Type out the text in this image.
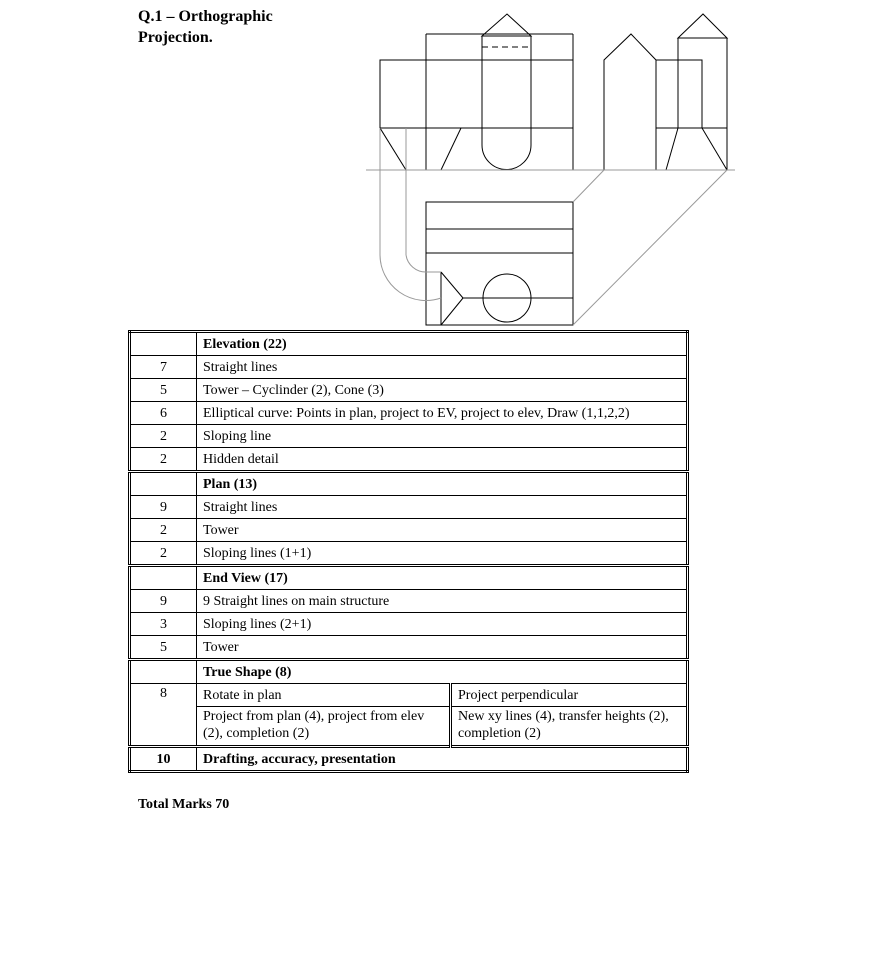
Q.1 – Orthographic
Projection.
	Elevation (22)	
7	Straight lines	
5	Tower – Cyclinder (2), Cone (3)	
6	Elliptical curve: Points in plan, project to EV, project to elev, Draw (1,1,2,2)	
2	Sloping line	
2	Hidden detail	
	Plan (13)	
9	Straight lines	
2	Tower	
2	Sloping lines (1+1)	
	End View (17)	
9	9 Straight lines on main structure	
3	Sloping lines (2+1)	
5	Tower	
	True Shape (8)	
8	Rotate in plan	Project perpendicular
	Project from plan (4), project from elev (2), completion (2)	New xy lines (4), transfer heights (2), completion (2)
10	Drafting, accuracy, presentation	
Total Marks 70
